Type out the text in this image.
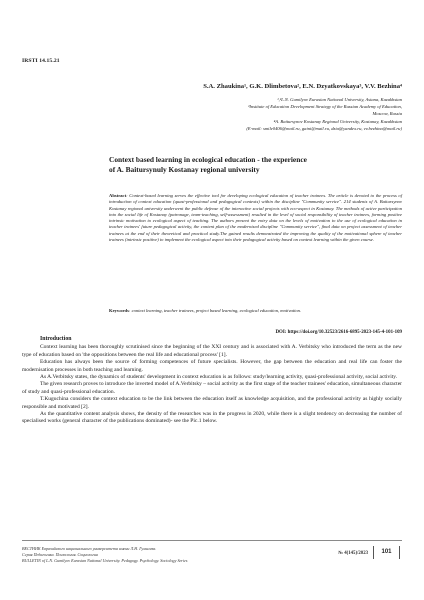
IRSTI 14.15.21
S.A. Zhaukina¹, G.K. Dlimbetova², E.N. Dzyatkovskaya³, V.V. Bezhina⁴
¹,²L.N. Gumilyov Eurasian National University, Astana, Kazakhstan
³Institute of Education Development Strategy of the Russian Academy of Education,
Moscow, Russia
⁴A. Baitursynov Kostanay Regional University, Kostanay, Kazakhstan
(E-mail: smile0406@mail.ru, gaini@mail.ru, dzia@yandex.ru, vv.bezhina@mail.ru)
Context based learning in ecological education - the experience
of A. Baitursynuly Kostanay regional university
Abstract: Context-based learning serves the effective tool for developing ecological education of teacher trainees. The article is devoted to the process of introduction of context education (quasi-professional and pedagogical contexts) within the discipline "Community service". 214 students of A. Baitursynov Kostanay regional university underwent the public defense of the interactive social projects with eco-aspect in Kostanay. The methods of active participation into the social life of Kostanay (patronage, team-teaching, self-assessment) resulted in the level of social responsibility of teacher trainees, forming positive intrinsic motivation to ecological aspect of teaching. The authors present the entry data on the levels of motivation to the use of ecological education in teacher trainees' future pedagogical activity, the content plan of the modernised discipline "Community service", final data on project assessment of teacher trainees at the end of their theoretical and practical study.The gained results demonstrated the improving the quality of the motivational sphere of teacher trainees (intrinsic positive) to implement the ecological aspect into their pedagogical activity based on context learning within the given course.
Keywords: context learning, teacher trainees, project based learning, ecological education, motivation.
DOI: https://doi.org/10.32523/2616-6895-2023-145-4-101-109
Introduction

Context learning has been thoroughly scrutinised since the beginning of the XXI century and is associated with A. Verbitsky who introduced the term as the new type of education based on 'the oppositions between the real life and educational process' [1].

Education has always been the source of forming competences of future specialists. However, the gap between the education and real life can foster the modernisation processes in both teaching and learning.

As A.Verbitsky states, the dynamics of students' development in context education is as follows: study/learning activity, quasi-professional activity, social activity.

The given research proves to introduce the inverted model of A.Verbitsky – social activity as the first stage of the teacher trainees' education, simultaneous character of study and quasi-professional education.

T.Kuguchina considers the context education to be the link between the education itself as knowledge acquisition, and the professional activity as highly socially responsible and motivated [2].

As the quantitative content analysis shows, the density of the researches was in the progress in 2020, while there is a slight tendency on decreasing the number of specialised works (general character of the publications dominated)- see the Pic.1 below.

ВЕСТНИК Евразийского национального университета имени Л.Н. Гумилева.
Серия Педагогика. Психология. Социология
BULLETIN of L.N. Gumilyov Eurasian National University. Pedagogy. Psychology. Sociology Series
№ 4(145)/2023	101
